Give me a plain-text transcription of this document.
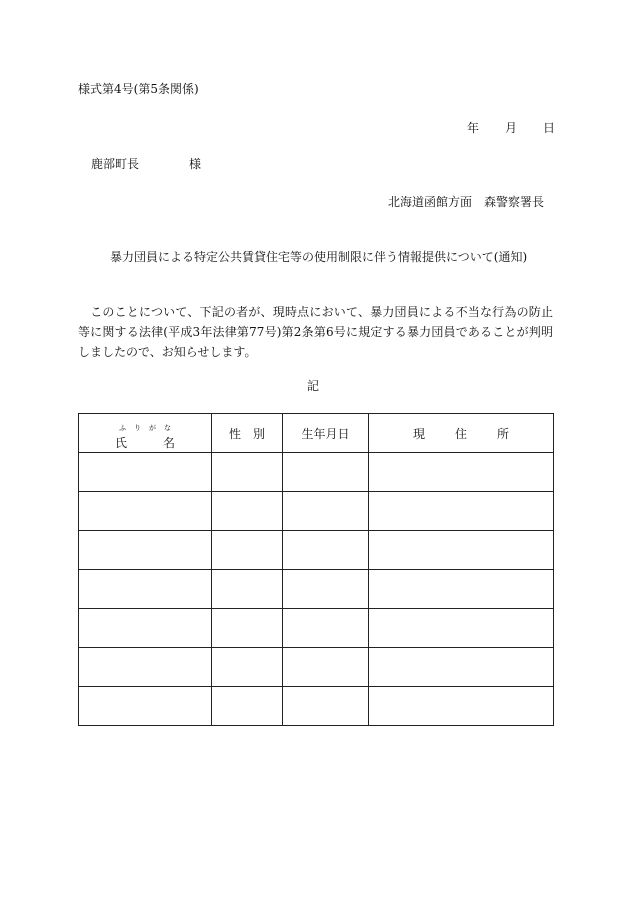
様式第4号(第5条関係)
年 月 日
鹿部町長	様
北海道函館方面　森警察署長
暴力団員による特定公共賃貸住宅等の使用制限に伴う情報提供について(通知)
　このことについて、下記の者が、現時点において、暴力団員による不当な行為の防止等に関する法律(平成3年法律第77号)第2条第6号に規定する暴力団員であることが判明しましたので、お知らせします。
記
ふ り が な
氏 名	性 別	生年月日	現 住 所
